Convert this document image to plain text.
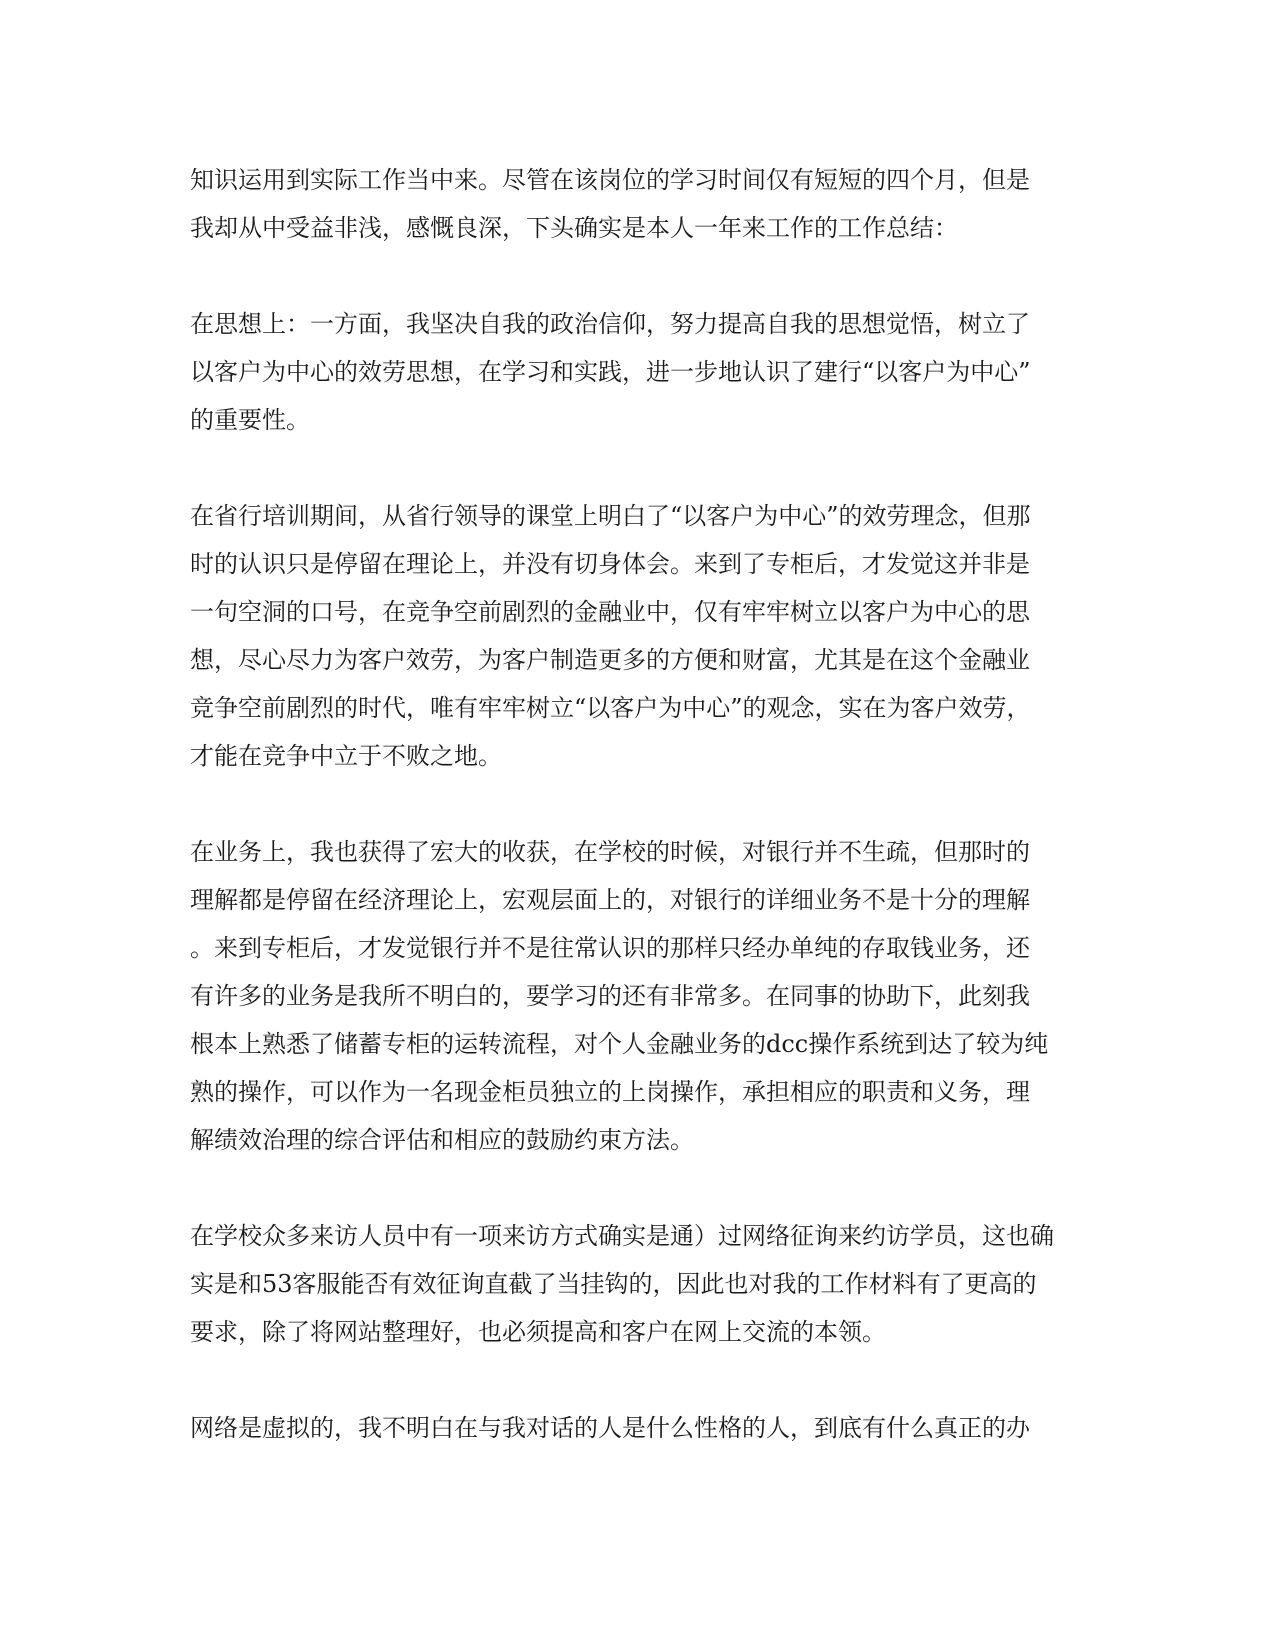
知识运用到实际工作当中来。尽管在该岗位的学习时间仅有短短的四个月，但是
我却从中受益非浅，感慨良深，下头确实是本人一年来工作的工作总结：
在思想上：一方面，我坚决自我的政治信仰，努力提高自我的思想觉悟，树立了
以客户为中心的效劳思想，在学习和实践，进一步地认识了建行“以客户为中心”
的重要性。
在省行培训期间，从省行领导的课堂上明白了“以客户为中心”的效劳理念，但那
时的认识只是停留在理论上，并没有切身体会。来到了专柜后，才发觉这并非是
一句空洞的口号，在竞争空前剧烈的金融业中，仅有牢牢树立以客户为中心的思
想，尽心尽力为客户效劳，为客户制造更多的方便和财富，尤其是在这个金融业
竞争空前剧烈的时代，唯有牢牢树立“以客户为中心”的观念，实在为客户效劳，
才能在竞争中立于不败之地。
在业务上，我也获得了宏大的收获，在学校的时候，对银行并不生疏，但那时的
理解都是停留在经济理论上，宏观层面上的，对银行的详细业务不是十分的理解
。来到专柜后，才发觉银行并不是往常认识的那样只经办单纯的存取钱业务，还
有许多的业务是我所不明白的，要学习的还有非常多。在同事的协助下，此刻我
根本上熟悉了储蓄专柜的运转流程，对个人金融业务的dcc操作系统到达了较为纯
熟的操作，可以作为一名现金柜员独立的上岗操作，承担相应的职责和义务，理
解绩效治理的综合评估和相应的鼓励约束方法。
在学校众多来访人员中有一项来访方式确实是通）过网络征询来约访学员，这也确
实是和53客服能否有效征询直截了当挂钩的，因此也对我的工作材料有了更高的
要求，除了将网站整理好，也必须提高和客户在网上交流的本领。
网络是虚拟的，我不明白在与我对话的人是什么性格的人，到底有什么真正的办
